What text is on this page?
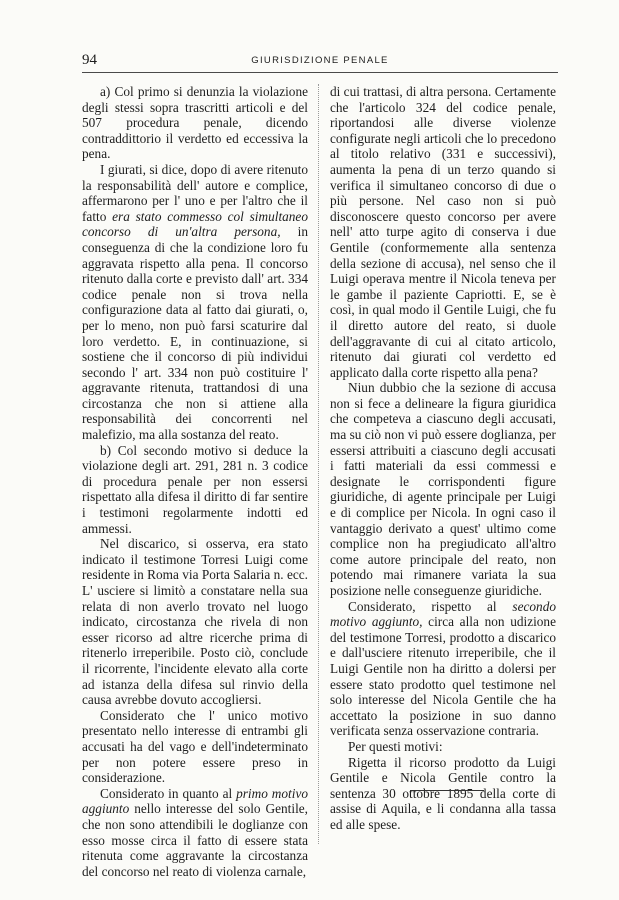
94	GIURISDIZIONE PENALE

a) Col primo si denunzia la violazione degli stessi sopra trascritti articoli e del 507 procedura penale, dicendo contraddittorio il verdetto ed eccessiva la pena.

I giurati, si dice, dopo di avere ritenuto la responsabilità dell' autore e complice, affermarono per l' uno e per l'altro che il fatto era stato commesso col simultaneo concorso di un'altra persona, in conseguenza di che la condizione loro fu aggravata rispetto alla pena. Il concorso ritenuto dalla corte e previsto dall' art. 334 codice penale non si trova nella configurazione data al fatto dai giurati, o, per lo meno, non può farsi scaturire dal loro verdetto. E, in continuazione, si sostiene che il concorso di più individui secondo l' art. 334 non può costituire l' aggravante ritenuta, trattandosi di una circostanza che non si attiene alla responsabilità dei concorrenti nel malefizio, ma alla sostanza del reato.

b) Col secondo motivo si deduce la violazione degli art. 291, 281 n. 3 codice di procedura penale per non essersi rispettato alla difesa il diritto di far sentire i testimoni regolarmente indotti ed ammessi.

Nel discarico, si osserva, era stato indicato il testimone Torresi Luigi come residente in Roma via Porta Salaria n. ecc. L' usciere si limitò a constatare nella sua relata di non averlo trovato nel luogo indicato, circostanza che rivela di non esser ricorso ad altre ricerche prima di ritenerlo irreperibile. Posto ciò, conclude il ricorrente, l'incidente elevato alla corte ad istanza della difesa sul rinvio della causa avrebbe dovuto accogliersi.

Considerato che l' unico motivo presentato nello interesse di entrambi gli accusati ha del vago e dell'indeterminato per non potere essere preso in considerazione.

Considerato in quanto al primo motivo aggiunto nello interesse del solo Gentile, che non sono attendibili le doglianze con esso mosse circa il fatto di essere stata ritenuta come aggravante la circostanza del concorso nel reato di violenza carnale,

di cui trattasi, di altra persona. Certamente che l'articolo 324 del codice penale, riportandosi alle diverse violenze configurate negli articoli che lo precedono al titolo relativo (331 e successivi), aumenta la pena di un terzo quando si verifica il simultaneo concorso di due o più persone. Nel caso non si può disconoscere questo concorso per avere nell' atto turpe agito di conserva i due Gentile (conformemente alla sentenza della sezione di accusa), nel senso che il Luigi operava mentre il Nicola teneva per le gambe il paziente Capriotti. E, se è così, in qual modo il Gentile Luigi, che fu il diretto autore del reato, si duole dell'aggravante di cui al citato articolo, ritenuto dai giurati col verdetto ed applicato dalla corte rispetto alla pena?

Niun dubbio che la sezione di accusa non si fece a delineare la figura giuridica che competeva a ciascuno degli accusati, ma su ciò non vi può essere doglianza, per essersi attribuiti a ciascuno degli accusati i fatti materiali da essi commessi e designate le corrispondenti figure giuridiche, di agente principale per Luigi e di complice per Nicola. In ogni caso il vantaggio derivato a quest' ultimo come complice non ha pregiudicato all'altro come autore principale del reato, non potendo mai rimanere variata la sua posizione nelle conseguenze giuridiche.

Considerato, rispetto al secondo motivo aggiunto, circa alla non udizione del testimone Torresi, prodotto a discarico e dall'usciere ritenuto irreperibile, che il Luigi Gentile non ha diritto a dolersi per essere stato prodotto quel testimone nel solo interesse del Nicola Gentile che ha accettato la posizione in suo danno verificata senza osservazione contraria.

Per questi motivi:

Rigetta il ricorso prodotto da Luigi Gentile e Nicola Gentile contro la sentenza 30 ottobre 1895 della corte di assise di Aquila, e li condanna alla tassa ed alle spese.
